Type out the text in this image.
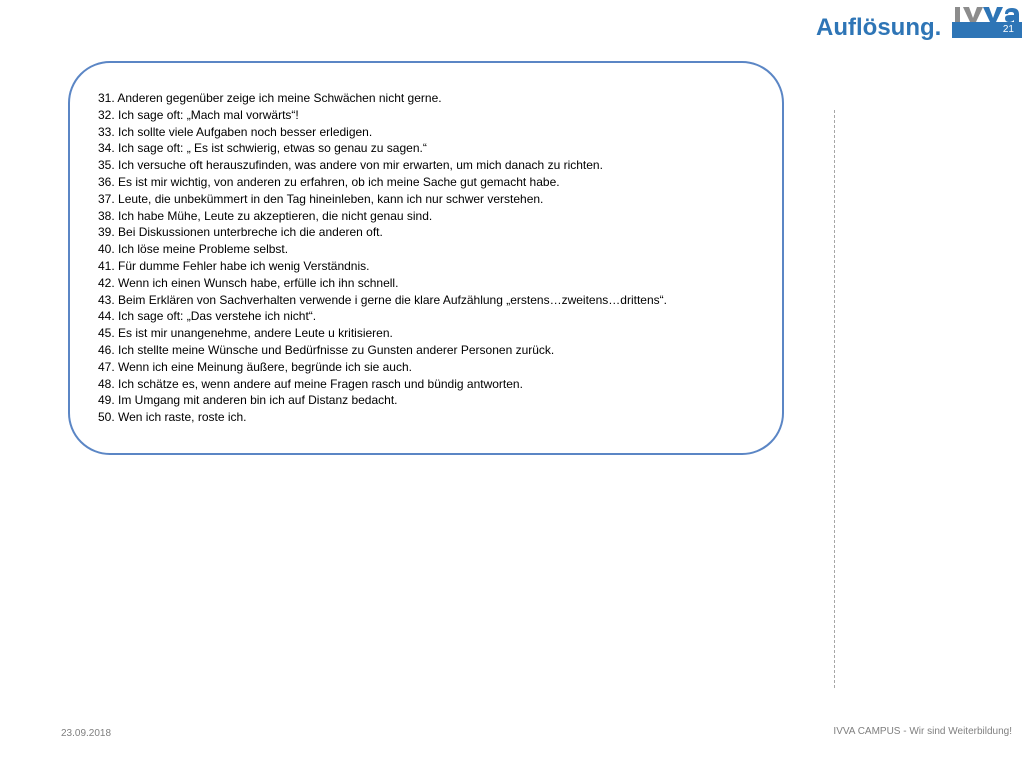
Auflösung.	21
31. Anderen gegenüber zeige ich meine Schwächen nicht gerne.
32. Ich sage oft: „Mach mal vorwärts“!
33. Ich sollte viele Aufgaben noch besser erledigen.
34. Ich sage oft: „ Es ist schwierig, etwas so genau zu sagen.“
35. Ich versuche oft herauszufinden, was andere von mir erwarten, um mich danach zu richten.
36. Es ist mir wichtig, von anderen zu erfahren, ob ich meine Sache gut gemacht habe.
37. Leute, die unbekümmert in den Tag hineinleben, kann ich nur schwer verstehen.
38. Ich habe Mühe, Leute zu akzeptieren, die nicht genau sind.
39. Bei Diskussionen unterbreche ich die anderen oft.
40. Ich löse meine Probleme selbst.
41. Für dumme Fehler habe ich wenig Verständnis.
42. Wenn ich einen Wunsch habe, erfülle ich ihn schnell.
43. Beim Erklären von Sachverhalten verwende i gerne die klare Aufzählung „erstens…zweitens…drittens“.
44. Ich sage oft: „Das verstehe ich nicht“.
45. Es ist mir unangenehme, andere Leute u kritisieren.
46. Ich stellte meine Wünsche und Bedürfnisse zu Gunsten anderer Personen zurück.
47. Wenn ich eine Meinung äußere, begründe ich sie auch.
48. Ich schätze es, wenn andere auf meine Fragen rasch und bündig antworten.
49. Im Umgang mit anderen bin ich auf Distanz bedacht.
50. Wen ich raste, roste ich.
23.09.2018	IVVA CAMPUS - Wir sind Weiterbildung!
